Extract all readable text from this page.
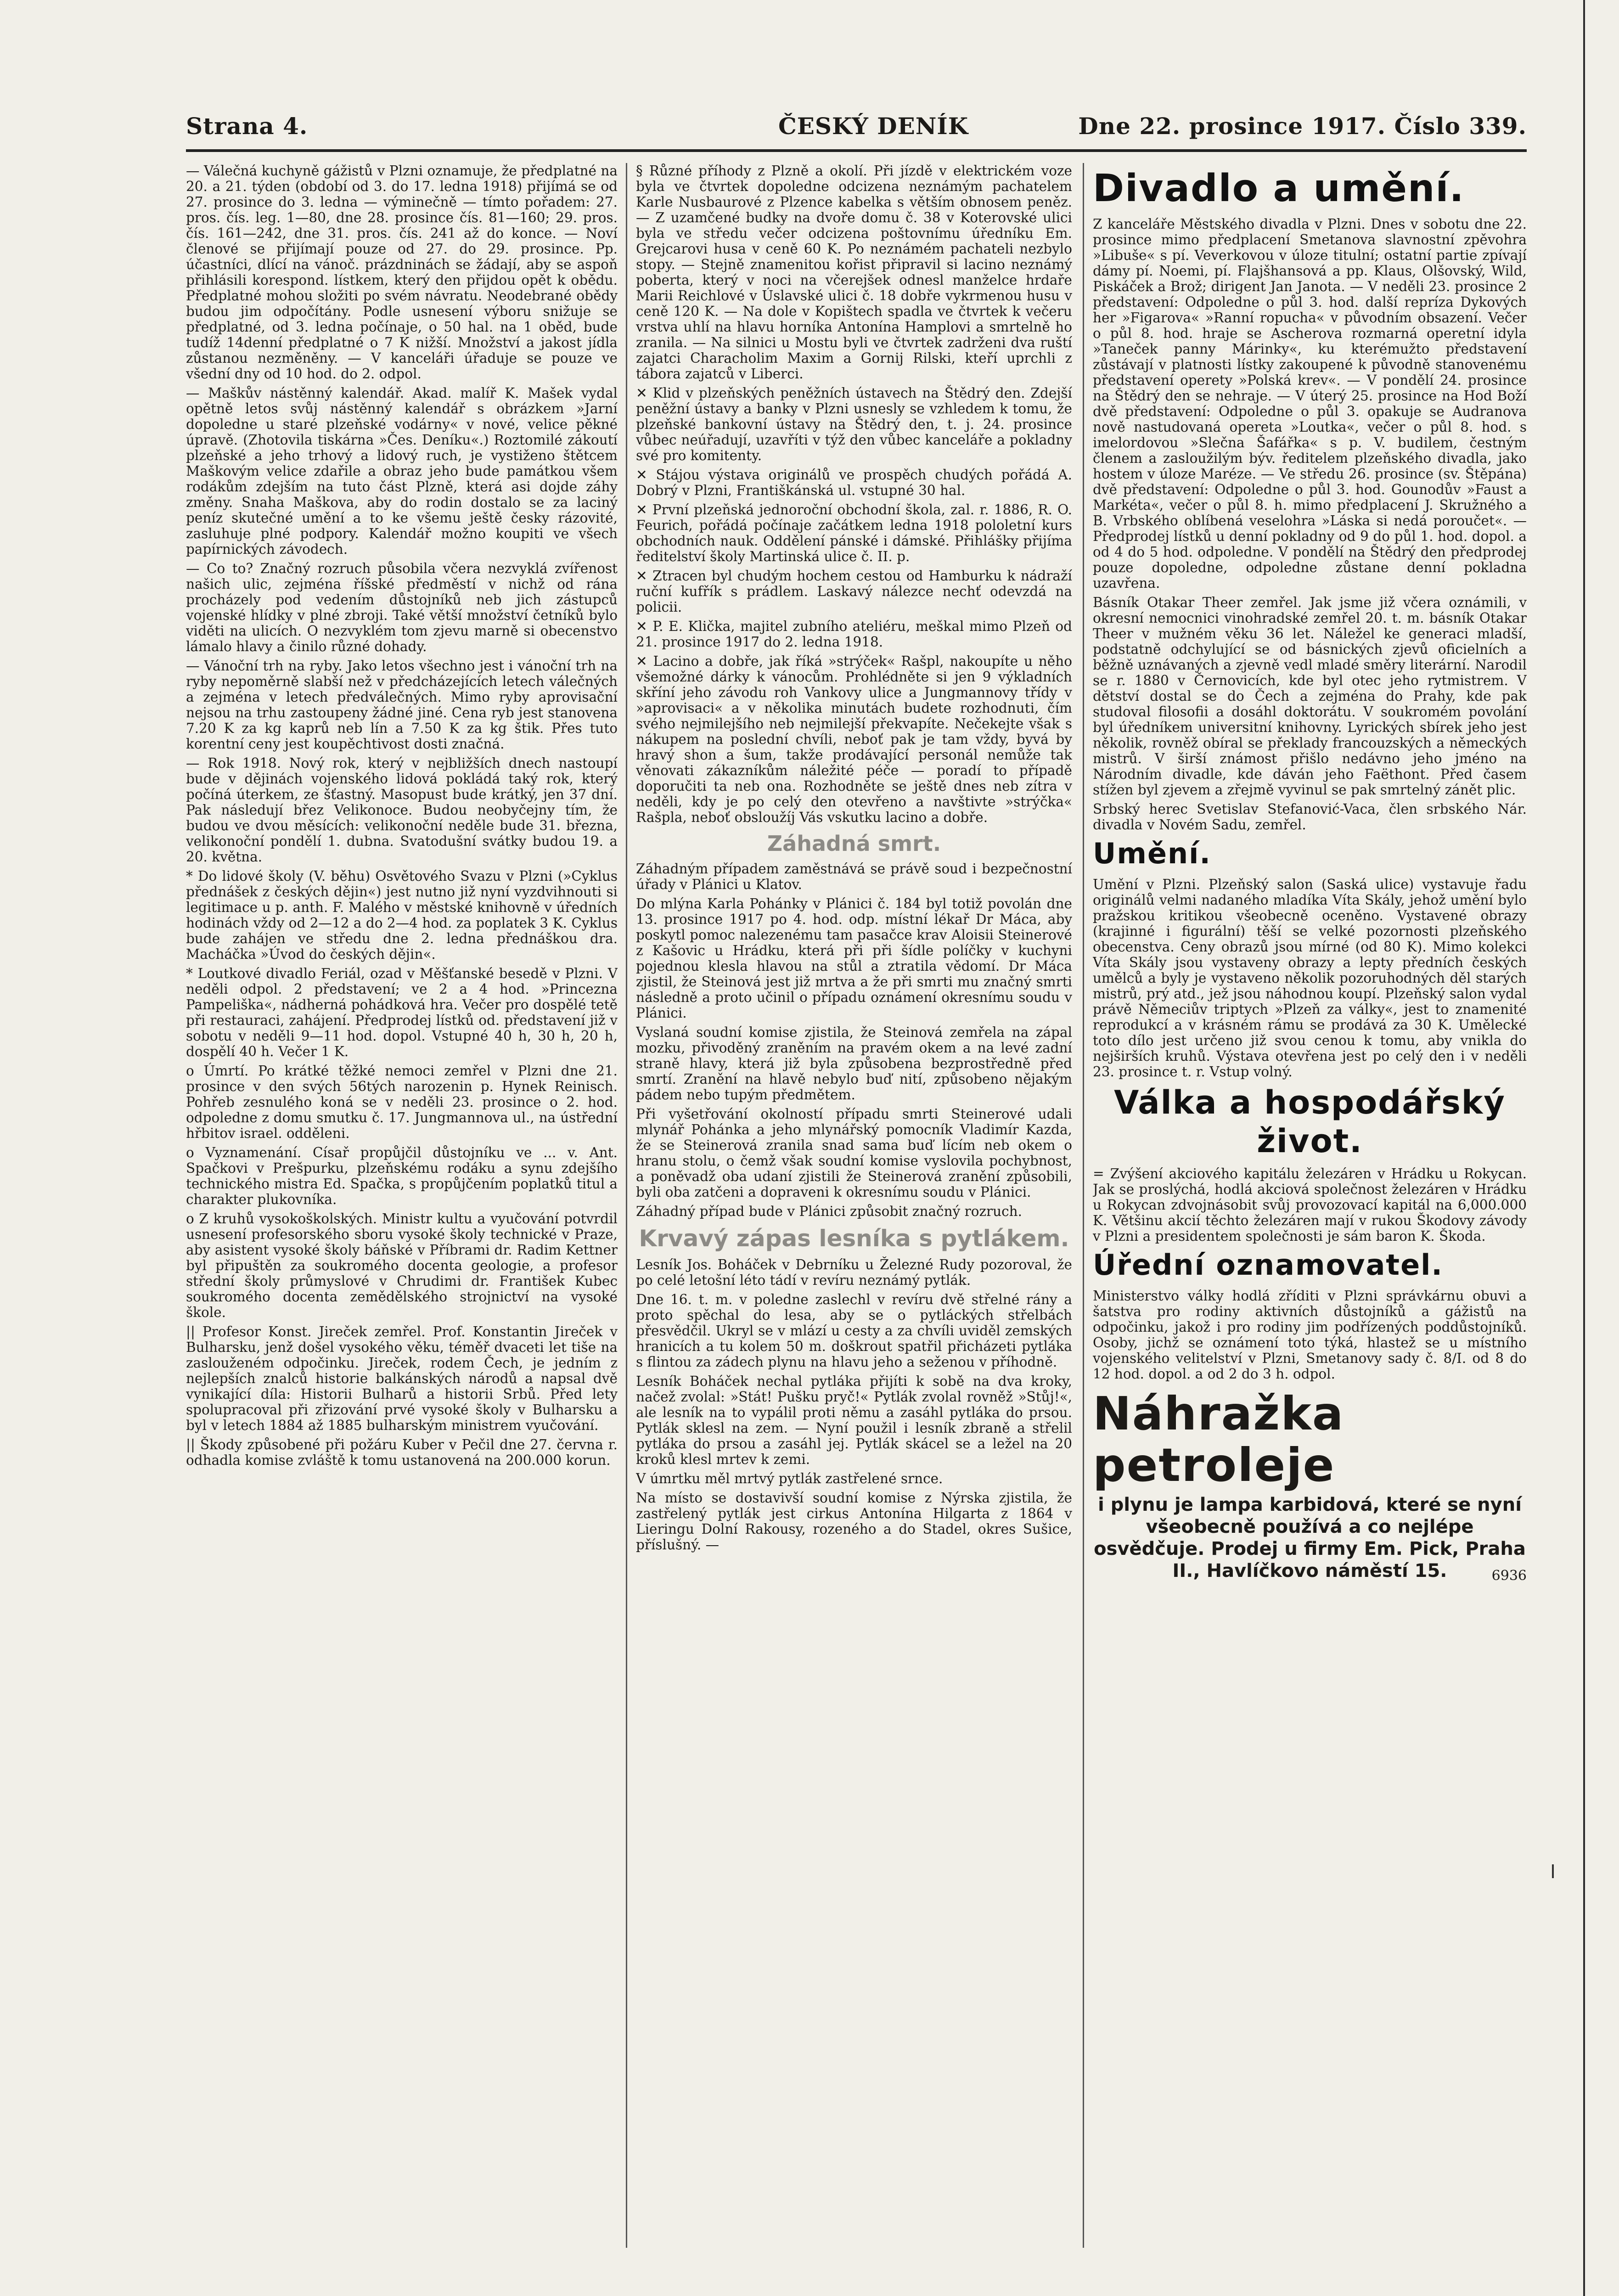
Strana 4.	ČESKÝ DENÍK	Dne 22. prosince 1917. Číslo 339.

— Válečná kuchyně gážistů v Plzni oznamuje, že předplatné na 20. a 21. týden (období od 3. do 17. ledna 1918) přijímá se od 27. prosince do 3. ledna — výminečně — tímto pořadem: 27. pros. čís. leg. 1—80, dne 28. prosince čís. 81—160; 29. pros. čís. 161—242, dne 31. pros. čís. 241 až do konce. — Noví členové se přijímají pouze od 27. do 29. prosince. Pp. účastníci, dlící na vánoč. prázdninách se žádají, aby se aspoň přihlásili korespond. lístkem, který den přijdou opět k obědu. Předplatné mohou složiti po svém návratu. Neodebrané obědy budou jim odpočítány. Podle usnesení výboru snižuje se předplatné, od 3. ledna počínaje, o 50 hal. na 1 oběd, bude tudíž 14denní předplatné o 7 K nižší. Množství a jakost jídla zůstanou nezměněny. — V kanceláři úřaduje se pouze ve všední dny od 10 hod. do 2. odpol.

— Maškův nástěnný kalendář. Akad. malíř K. Mašek vydal opětně letos svůj nástěnný kalendář s obrázkem »Jarní dopoledne u staré plzeňské vodárny« v nové, velice pěkné úpravě. (Zhotovila tiskárna »Čes. Deníku«.) Roztomilé zákoutí plzeňské a jeho trhový a lidový ruch, je vystiženo štětcem Maškovým velice zdařile a obraz jeho bude památkou všem rodákům zdejším na tuto část Plzně, která asi dojde záhy změny. Snaha Maškova, aby do rodin dostalo se za laciný peníz skutečné umění a to ke všemu ještě česky rázovité, zasluhuje plné podpory. Kalendář možno koupiti ve všech papírnických závodech.

— Co to? Značný rozruch působila včera nezvyklá zvířenost našich ulic, zejména říšské předměstí v nichž od rána procházely pod vedením důstojníků neb jich zástupců vojenské hlídky v plné zbroji. Také větší množství četníků bylo viděti na ulicích. O nezvyklém tom zjevu marně si obecenstvo lámalo hlavy a činilo různé dohady.

— Vánoční trh na ryby. Jako letos všechno jest i vánoční trh na ryby nepoměrně slabší než v předcházejících letech válečných a zejména v letech předválečných. Mimo ryby aprovisační nejsou na trhu zastoupeny žádné jiné. Cena ryb jest stanovena 7.20 K za kg kaprů neb lín a 7.50 K za kg štik. Přes tuto korentní ceny jest koupěchtivost dosti značná.

— Rok 1918. Nový rok, který v nejbližších dnech nastoupí bude v dějinách vojenského lidová pokládá taký rok, který počíná úterkem, ze šťastný. Masopust bude krátký, jen 37 dní. Pak následují břez Velikonoce. Budou neobyčejny tím, že budou ve dvou měsících: velikonoční neděle bude 31. března, velikonoční pondělí 1. dubna. Svatodušní svátky budou 19. a 20. května.

* Do lidové školy (V. běhu) Osvětového Svazu v Plzni (»Cyklus přednášek z českých dějin«) jest nutno již nyní vyzdvihnouti si legitimace u p. anth. F. Malého v městské knihovně v úředních hodinách vždy od 2—12 a do 2—4 hod. za poplatek 3 K. Cyklus bude zahájen ve středu dne 2. ledna přednáškou dra. Macháčka »Úvod do českých dějin«.

* Loutkové divadlo Feriál, ozad v Měšťanské besedě v Plzni. V neděli odpol. 2 představení; ve 2 a 4 hod. »Princezna Pampeliška«, nádherná pohádková hra. Večer pro dospělé tetě při restauraci, zahájení. Předprodej lístků od. představení již v sobotu v neděli 9—11 hod. dopol. Vstupné 40 h, 30 h, 20 h, dospělí 40 h. Večer 1 K.

o Úmrtí. Po krátké těžké nemoci zemřel v Plzni dne 21. prosince v den svých 56tých narozenin p. Hynek Reinisch. Pohřeb zesnulého koná se v neděli 23. prosince o 2. hod. odpoledne z domu smutku č. 17. Jungmannova ul., na ústřední hřbitov israel. odděleni.

o Vyznamenání. Císař propůjčil důstojníku ve ... v. Ant. Spačkovi v Prešpurku, plzeňskému rodáku a synu zdejšího technického mistra Ed. Spačka, s propůjčením poplatků titul a charakter plukovníka.

o Z kruhů vysokoškolských. Ministr kultu a vyučování potvrdil usnesení profesorského sboru vysoké školy technické v Praze, aby asistent vysoké školy báňské v Příbrami dr. Radim Kettner byl připuštěn za soukromého docenta geologie, a profesor střední školy průmyslové v Chrudimi dr. František Kubec soukromého docenta zemědělského strojnictví na vysoké škole.

|| Profesor Konst. Jireček zemřel. Prof. Konstantin Jireček v Bulharsku, jenž došel vysokého věku, téměř dvaceti let tiše na zaslouženém odpočinku. Jireček, rodem Čech, je jedním z nejlepších znalců historie balkánských národů a napsal dvě vynikající díla: Historii Bulharů a historii Srbů. Před lety spolupracoval při zřizování prvé vysoké školy v Bulharsku a byl v letech 1884 až 1885 bulharským ministrem vyučování.

|| Škody způsobené při požáru Kuber v Pečil dne 27. června r. odhadla komise zvláště k tomu ustanovená na 200.000 korun.

§ Různé příhody z Plzně a okolí. Při jízdě v elektrickém voze byla ve čtvrtek dopoledne odcizena neznámým pachatelem Karle Nusbaurové z Plzence kabelka s větším obnosem peněz. — Z uzamčené budky na dvoře domu č. 38 v Koterovské ulici byla ve středu večer odcizena poštovnímu úředníku Em. Grejcarovi husa v ceně 60 K. Po neznámém pachateli nezbylo stopy. — Stejně znamenitou kořist připravil si lacino neznámý pobertа, který v noci na včerejšek odnesl manželce hrdaře Marii Reichlové v Úslavské ulici č. 18 dobře vykrmenou husu v ceně 120 K. — Na dole v Kopištech spadla ve čtvrtek k večeru vrstva uhlí na hlavu horníka Antonína Hamplovi a smrtelně ho zranila. — Na silnici u Mostu byli ve čtvrtek zadrženi dva ruští zajatci Characholim Maxim a Gornij Rilski, kteří uprchli z tábora zajatců v Liberci.

✕ Klid v plzeňských peněžních ústavech na Štědrý den. Zdejší peněžní ústavy a banky v Plzni usnesly se vzhledem k tomu, že plzeňské bankovní ústavy na Štědrý den, t. j. 24. prosince vůbec neúřadují, uzavříti v týž den vůbec kanceláře a pokladny své pro komitenty.

✕ Stájou výstava originálů ve prospěch chudých pořádá A. Dobrý v Plzni, Františkánská ul. vstupné 30 hal.

✕ První plzeňská jednoroční obchodní škola, zal. r. 1886, R. O. Feurich, pořádá počínaje začátkem ledna 1918 pololetní kurs obchodních nauk. Oddělení pánské i dámské. Přihlášky přijíma ředitelství školy Martinská ulice č. II. p.

✕ Ztracen byl chudým hochem cestou od Hamburku k nádraží ruční kufřík s prádlem. Laskavý nálezce nechť odevzdá na policii.

✕ P. E. Klička, majitel zubního ateliéru, meškal mimo Plzeň od 21. prosince 1917 do 2. ledna 1918.

✕ Lacino a dobře, jak říká »strýček« Rašpl, nakoupíte u něho všemožné dárky k vánocům. Prohlédněte si jen 9 výkladních skříní jeho závodu roh Vankovy ulice a Jungmannovy třídy v »aprovisaci« a v několika minutách budete rozhodnuti, čím svého nejmilejšího neb nejmilejší překvapíte. Nečekejte však s nákupem na poslední chvíli, neboť pak je tam vždy, byvá by hravý shon a šum, takže prodávající personál nemůže tak věnovati zákazníkům náležité péče — poradí to případě doporučiti ta neb ona. Rozhodněte se ještě dnes neb zítra v neděli, kdy je po celý den otevřeno a navštivte »strýčka« Rašpla, neboť obsloužíj Vás vskutku lacino a dobře.

Záhadná smrt.

Záhadným případem zaměstnává se právě soud i bezpečnostní úřady v Plánici u Klatov.

Do mlýna Karla Pohánky v Plánici č. 184 byl totiž povolán dne 13. prosince 1917 po 4. hod. odp. místní lékař Dr Máca, aby poskytl pomoc nalezenému tam pasačce krav Aloisii Steinerové z Kašovic u Hrádku, která při při šídle políčky v kuchyni pojednou klesla hlavou na stůl a ztratila vědomí. Dr Máca zjistil, že Steinová jest již mrtva a že při smrti mu značný smrti následně a proto učinil o případu oznámení okresnímu soudu v Plánici.

Vyslaná soudní komise zjistila, že Steinová zemřela na zápal mozku, přivoděný zraněním na pravém okem a na levé zadní straně hlavy, která již byla způsobena bezprostředně před smrtí. Zranění na hlavě nebylo buď nití, způsobeno nějakým pádem nebo tupým předmětem.

Při vyšetřování okolností případu smrti Steinerové udali mlynář Pohánka a jeho mlynářský pomocník Vladimír Kazda, že se Steinerová zranila snad sama buď lícím neb okem o hranu stolu, o čemž však soudní komise vyslovila pochybnost, a poněvadž oba udaní zjistili že Steinerová zranění způsobili, byli oba zatčeni a dopraveni k okresnímu soudu v Plánici.

Záhadný případ bude v Plánici způsobit značný rozruch.

Krvavý zápas lesníka s pytlákem.

Lesník Jos. Boháček v Debrníku u Železné Rudy pozoroval, že po celé letošní léto tádí v revíru neznámý pytlák.

Dne 16. t. m. v poledne zaslechl v revíru dvě střelné rány a proto spěchal do lesa, aby se o pytláckých střelbách přesvědčil. Ukryl se v mlází u cesty a za chvíli uviděl zemských hranicích a tu kolem 50 m. doškrout spatřil přicházeti pytláka s flintou za zádech plynu na hlavu jeho a seženou v příhodně.

Lesník Boháček nechal pytláka přijíti k sobě na dva kroky, načež zvolal: »Stát! Pušku pryč!« Pytlák zvolal rovněž »Stůj!«, ale lesník na to vypálil proti němu a zasáhl pytláka do prsou. Pytlák sklesl na zem. — Nyní použil i lesník zbraně a střelil pytláka do prsou a zasáhl jej. Pytlák skácel se a ležel na 20 kroků klesl mrtev k zemi.

V úmrtku měl mrtvý pytlák zastřelené srnce.

Na místo se dostavivší soudní komise z Nýrska zjistila, že zastřelený pytlák jest cirkus Antonína Hilgarta z 1864 v Lieringu Dolní Rakousy, rozeného a do Stadel, okres Sušice, příslušný. —

Divadlo a umění.

Z kanceláře Městského divadla v Plzni. Dnes v sobotu dne 22. prosince mimo předplacení Smetanova slavnostní zpěvohra »Libuše« s pí. Veverkovou v úloze titulní; ostatní partie zpívají dámy pí. Noemi, pí. Flajšhansová a pp. Klaus, Olšovský, Wild, Piskáček a Brož; dirigent Jan Janota. — V neděli 23. prosince 2 představení: Odpoledne o půl 3. hod. další repríza Dykových her »Figarova« »Ranní ropucha« v původním obsazení. Večer o půl 8. hod. hraje se Ascherova rozmarná operetní idyla »Taneček panny Márinky«, ku kterémužto představení zůstávají v platnosti lístky zakoupené k původně stanovenému představení operety »Polská krev«. — V pondělí 24. prosince na Štědrý den se nehraje. — V úterý 25. prosince na Hod Boží dvě představení: Odpoledne o půl 3. opakuje se Audranova nově nastudovaná opereta »Loutka«, večer o půl 8. hod. s imelordovou »Slečna Šafářka« s p. V. budilem, čestným členem a zasloužilým býv. ředitelem plzeňského divadla, jako hostem v úloze Maréze. — Ve středu 26. prosince (sv. Štěpána) dvě představení: Odpoledne o půl 3. hod. Gounodův »Faust a Markéta«, večer o půl 8. h. mimo předplacení J. Skružného a B. Vrbského oblíbená veselohra »Láska si nedá poroučet«. — Předprodej lístků u denní pokladny od 9 do půl 1. hod. dopol. a od 4 do 5 hod. odpoledne. V pondělí na Štědrý den předprodej pouze dopoledne, odpoledne zůstane denní pokladna uzavřena.

Básník Otakar Theer zemřel. Jak jsme již včera oznámili, v okresní nemocnici vinohradské zemřel 20. t. m. básník Otakar Theer v mužném věku 36 let. Náležel ke generaci mladší, podstatně odchylující se od básnických zjevů oficielních a běžně uznávaných a zjevně vedl mladé směry literární. Narodil se r. 1880 v Černovicích, kde byl otec jeho rytmistrem. V dětství dostal se do Čech a zejména do Prahy, kde pak studoval filosofii a dosáhl doktorátu. V soukromém povolání byl úředníkem universitní knihovny. Lyrických sbírek jeho jest několik, rovněž obíral se překlady francouzských a německých mistrů. V širší známost přišlo nedávno jeho jméno na Národním divadle, kde dáván jeho Faëthont. Před časem stížen byl zjevem a zřejmě vyvinul se pak smrtelný zánět plic.

Srbský herec Svetislav Stefanović-Vaca, člen srbského Nár. divadla v Novém Sadu, zemřel.

Umění.

Umění v Plzni. Plzeňský salon (Saská ulice) vystavuje řadu originálů velmi nadaného mladíka Víta Skály, jehož umění bylo pražskou kritikou všeobecně oceněno. Vystavené obrazy (krajinné i figurální) těší se velké pozornosti plzeňského obecenstva. Ceny obrazů jsou mírné (od 80 K). Mimo kolekci Víta Skály jsou vystaveny obrazy a lepty předních českých umělců a byly je vystaveno několik pozoruhodných děl starých mistrů, prý atd., jež jsou náhodnou koupí. Plzeňský salon vydal právě Němeciův triptych »Plzeň za války«, jest to znamenité reprodukcí a v krásném rámu se prodává za 30 K. Umělecké toto dílo jest určeno již svou cenou k tomu, aby vnikla do nejširších kruhů. Výstava otevřena jest po celý den i v neděli 23. prosince t. r. Vstup volný.

Válka a hospodářský život.

= Zvýšení akciového kapitálu železáren v Hrádku u Rokycan. Jak se proslýchá, hodlá akciová společnost železáren v Hrádku u Rokycan zdvojnásobit svůj provozovací kapitál na 6,000.000 K. Většinu akcií těchto železáren mají v rukou Škodovy závody v Plzni a presidentem společnosti je sám baron K. Škoda.

Úřední oznamovatel.

Ministerstvo války hodlá zříditi v Plzni správkárnu obuvi a šatstva pro rodiny aktivních důstojníků a gážistů na odpočinku, jakož i pro rodiny jim podřízených poddůstojníků. Osoby, jichž se oznámení toto týká, hlastež se u místního vojenského velitelství v Plzni, Smetanovy sady č. 8/I. od 8 do 12 hod. dopol. a od 2 do 3 h. odpol.

Náhražka petroleje

i plynu je lampa karbidová, které se nyní všeobecně používá a co nejlépe osvědčuje. Prodej u firmy Em. Pick, Praha II., Havlíčkovo náměstí 15.	6936
